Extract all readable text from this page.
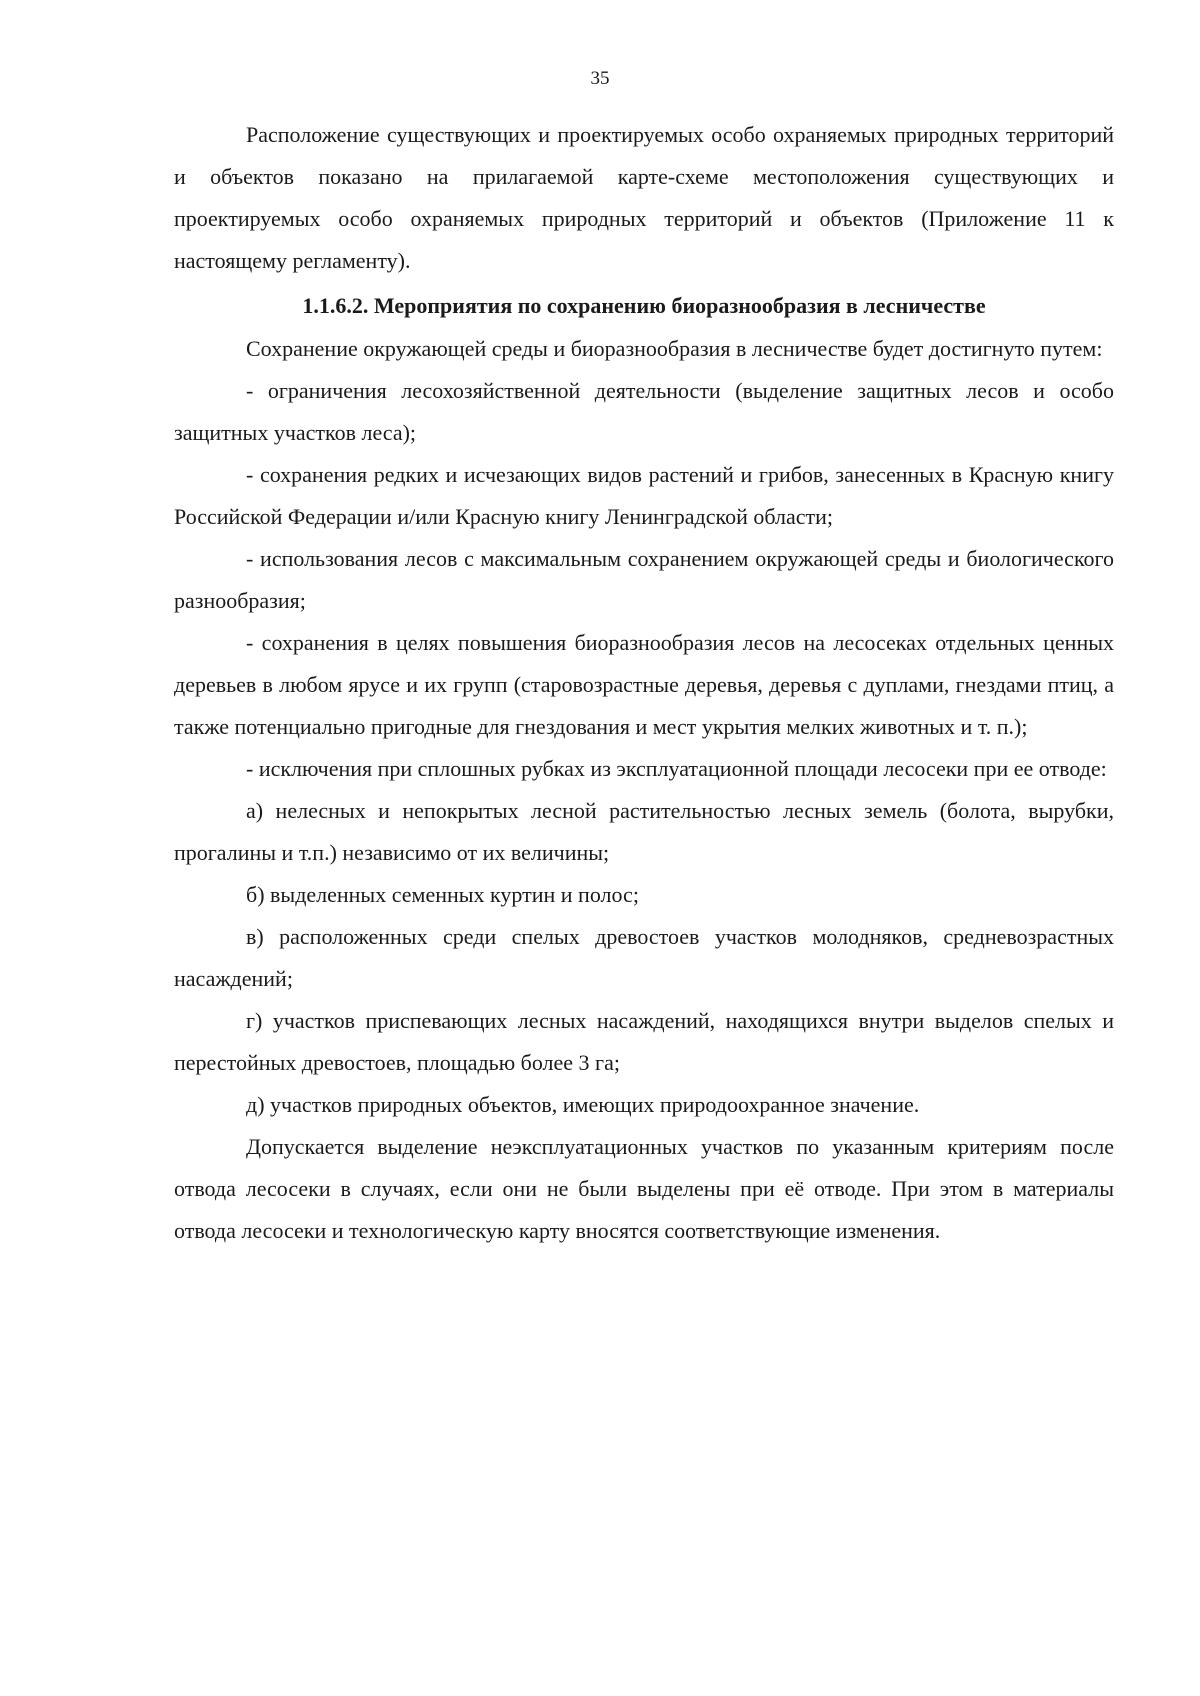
35

Расположение существующих и проектируемых особо охраняемых природных территорий и объектов показано на прилагаемой карте-схеме местоположения существующих и проектируемых особо охраняемых природных территорий и объектов (Приложение 11 к настоящему регламенту).

1.1.6.2. Мероприятия по сохранению биоразнообразия в лесничестве

Сохранение окружающей среды и биоразнообразия в лесничестве будет достигнуто путем:

- ограничения лесохозяйственной деятельности (выделение защитных лесов и особо защитных участков леса);

- сохранения редких и исчезающих видов растений и грибов, занесенных в Красную книгу Российской Федерации и/или Красную книгу Ленинградской области;

- использования лесов с максимальным сохранением окружающей среды и биологического разнообразия;

- сохранения в целях повышения биоразнообразия лесов на лесосеках отдельных ценных деревьев в любом ярусе и их групп (старовозрастные деревья, деревья с дуплами, гнездами птиц, а также потенциально пригодные для гнездования и мест укрытия мелких животных и т. п.);

- исключения при сплошных рубках из эксплуатационной площади лесосеки при ее отводе:

а) нелесных и непокрытых лесной растительностью лесных земель (болота, вырубки, прогалины и т.п.) независимо от их величины;

б) выделенных семенных куртин и полос;

в) расположенных среди спелых древостоев участков молодняков, средневозрастных насаждений;

г) участков приспевающих лесных насаждений, находящихся внутри выделов спелых и перестойных древостоев, площадью более 3 га;

д) участков природных объектов, имеющих природоохранное значение.

Допускается выделение неэксплуатационных участков по указанным критериям после отвода лесосеки в случаях, если они не были выделены при её отводе. При этом в материалы отвода лесосеки и технологическую карту вносятся соответствующие изменения.
